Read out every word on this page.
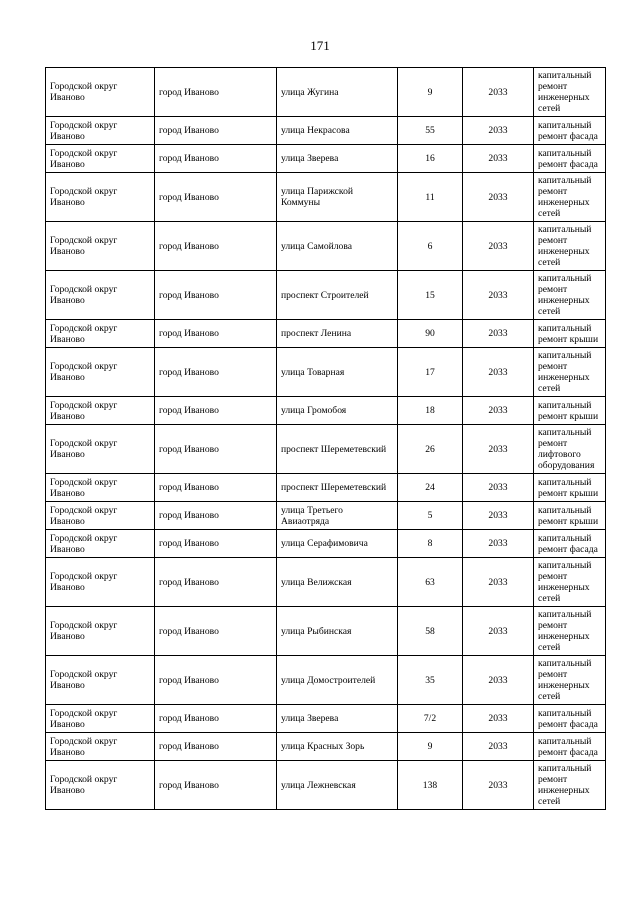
171
Городской округ Иваново	город Иваново	улица Жугина	9	2033	капитальный ремонт инженерных сетей
Городской округ Иваново	город Иваново	улица Некрасова	55	2033	капитальный ремонт фасада
Городской округ Иваново	город Иваново	улица Зверева	16	2033	капитальный ремонт фасада
Городской округ Иваново	город Иваново	улица Парижской Коммуны	11	2033	капитальный ремонт инженерных сетей
Городской округ Иваново	город Иваново	улица Самойлова	6	2033	капитальный ремонт инженерных сетей
Городской округ Иваново	город Иваново	проспект Строителей	15	2033	капитальный ремонт инженерных сетей
Городской округ Иваново	город Иваново	проспект Ленина	90	2033	капитальный ремонт крыши
Городской округ Иваново	город Иваново	улица Товарная	17	2033	капитальный ремонт инженерных сетей
Городской округ Иваново	город Иваново	улица Громобоя	18	2033	капитальный ремонт крыши
Городской округ Иваново	город Иваново	проспект Шереметевский	26	2033	капитальный ремонт лифтового оборудования
Городской округ Иваново	город Иваново	проспект Шереметевский	24	2033	капитальный ремонт крыши
Городской округ Иваново	город Иваново	улица Третьего Авиаотряда	5	2033	капитальный ремонт крыши
Городской округ Иваново	город Иваново	улица Серафимовича	8	2033	капитальный ремонт фасада
Городской округ Иваново	город Иваново	улица Велижская	63	2033	капитальный ремонт инженерных сетей
Городской округ Иваново	город Иваново	улица Рыбинская	58	2033	капитальный ремонт инженерных сетей
Городской округ Иваново	город Иваново	улица Домостроителей	35	2033	капитальный ремонт инженерных сетей
Городской округ Иваново	город Иваново	улица Зверева	7/2	2033	капитальный ремонт фасада
Городской округ Иваново	город Иваново	улица Красных Зорь	9	2033	капитальный ремонт фасада
Городской округ Иваново	город Иваново	улица Лежневская	138	2033	капитальный ремонт инженерных сетей
